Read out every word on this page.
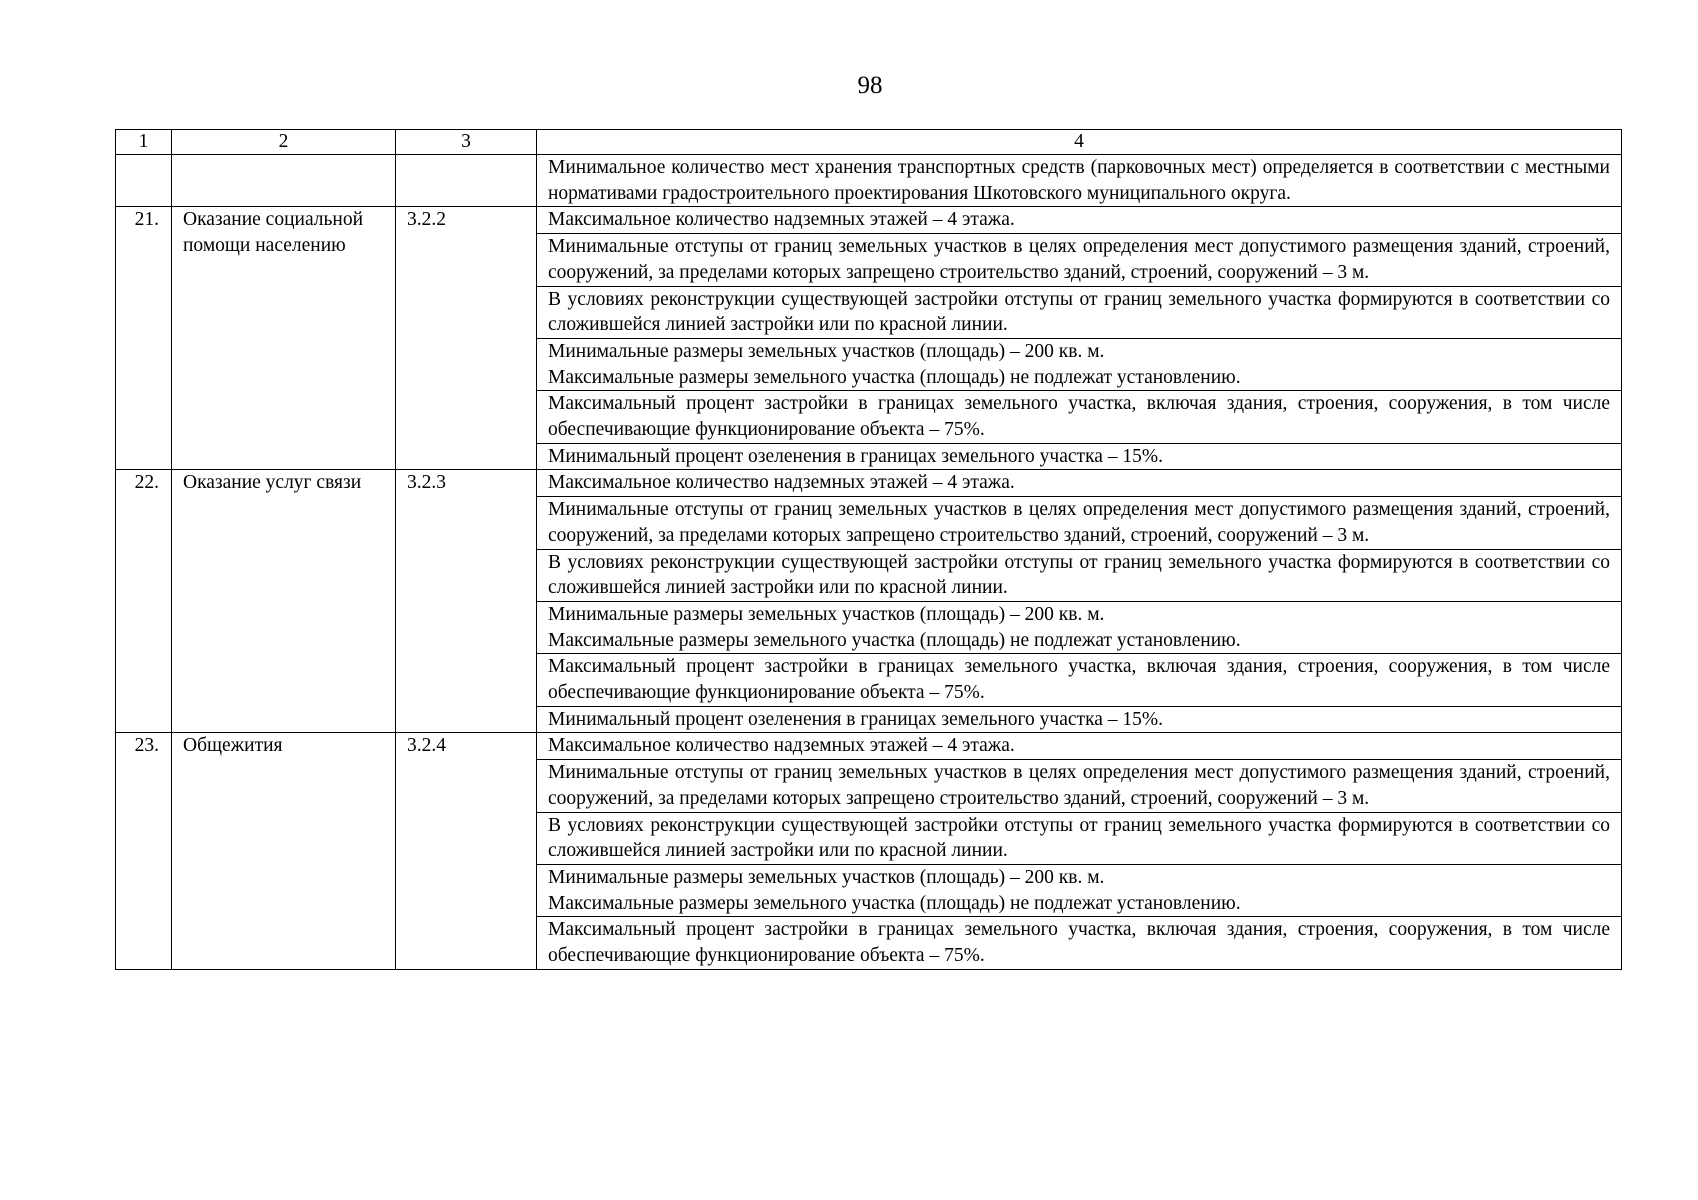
98
1	2	3	4
			Минимальное количество мест хранения транспортных средств (парковочных мест) определяется в соответствии с местными нормативами градостроительного проектирования Шкотовского муниципального округа.
21.	Оказание социальной помощи населению	3.2.2	Максимальное количество надземных этажей – 4 этажа.
			Минимальные отступы от границ земельных участков в целях определения мест допустимого размещения зданий, строений, сооружений, за пределами которых запрещено строительство зданий, строений, сооружений – 3 м.
			В условиях реконструкции существующей застройки отступы от границ земельного участка формируются в соответствии со сложившейся линией застройки или по красной линии.

			Минимальные размеры земельных участков (площадь) – 200 кв. м.
Максимальные размеры земельного участка (площадь) не подлежат установлению.

			Максимальный процент застройки в границах земельного участка, включая здания, строения, сооружения, в том числе обеспечивающие функционирование объекта – 75%.
			Минимальный процент озеленения в границах земельного участка – 15%.
22.	Оказание услуг связи	3.2.3	Максимальное количество надземных этажей – 4 этажа.
			Минимальные отступы от границ земельных участков в целях определения мест допустимого размещения зданий, строений, сооружений, за пределами которых запрещено строительство зданий, строений, сооружений – 3 м.
			В условиях реконструкции существующей застройки отступы от границ земельного участка формируются в соответствии со сложившейся линией застройки или по красной линии.

			Минимальные размеры земельных участков (площадь) – 200 кв. м.
Максимальные размеры земельного участка (площадь) не подлежат установлению.

			Максимальный процент застройки в границах земельного участка, включая здания, строения, сооружения, в том числе обеспечивающие функционирование объекта – 75%.
			Минимальный процент озеленения в границах земельного участка – 15%.
23.	Общежития	3.2.4	Максимальное количество надземных этажей – 4 этажа.
			Минимальные отступы от границ земельных участков в целях определения мест допустимого размещения зданий, строений, сооружений, за пределами которых запрещено строительство зданий, строений, сооружений – 3 м.
			В условиях реконструкции существующей застройки отступы от границ земельного участка формируются в соответствии со сложившейся линией застройки или по красной линии.

			Минимальные размеры земельных участков (площадь) – 200 кв. м.
Максимальные размеры земельного участка (площадь) не подлежат установлению.

			Максимальный процент застройки в границах земельного участка, включая здания, строения, сооружения, в том числе обеспечивающие функционирование объекта – 75%.
